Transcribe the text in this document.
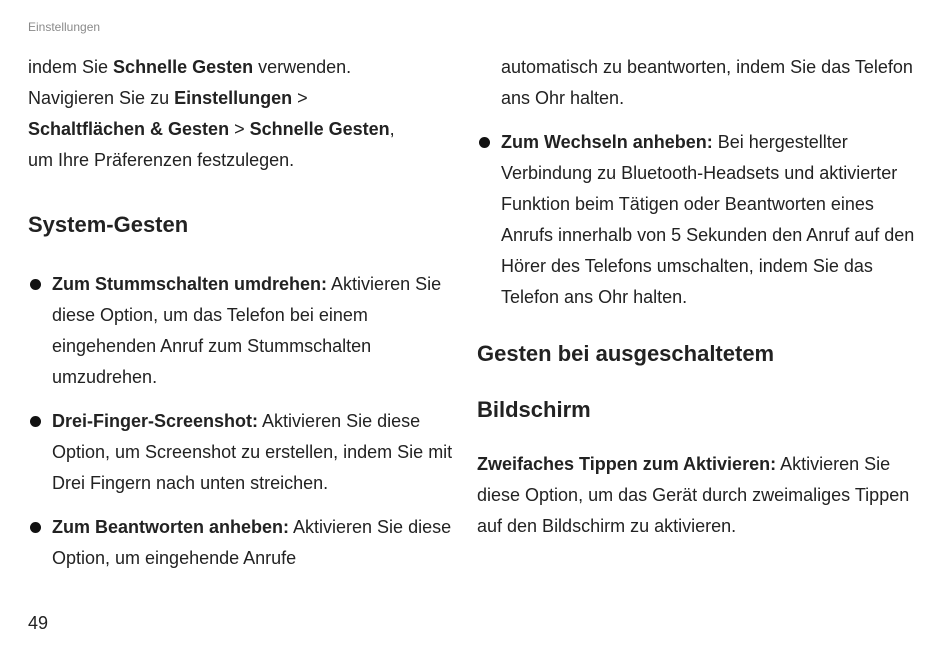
Einstellungen

indem Sie Schnelle Gesten verwenden.
Navigieren Sie zu Einstellungen >
Schaltflächen & Gesten > Schnelle Gesten,
um Ihre Präferenzen festzulegen.

System-Gesten
Zum Stummschalten umdrehen: Aktivieren Sie diese Option, um das Telefon bei einem eingehenden Anruf zum Stummschalten umzudrehen.
Drei-Finger-Screenshot: Aktivieren Sie diese Option, um Screenshot zu erstellen, indem Sie mit Drei Fingern nach unten streichen.
Zum Beantworten anheben: Aktivieren Sie diese Option, um eingehende Anrufe

automatisch zu beantworten, indem Sie das Telefon ans Ohr halten.

Zum Wechseln anheben: Bei hergestellter Verbindung zu Bluetooth-Headsets und aktivierter Funktion beim Tätigen oder Beantworten eines Anrufs innerhalb von 5 Sekunden den Anruf auf den Hörer des Telefons umschalten, indem Sie das Telefon ans Ohr halten.
Gesten bei ausgeschaltetem
Bildschirm

Zweifaches Tippen zum Aktivieren: Aktivieren Sie diese Option, um das Gerät durch zweimaliges Tippen auf den Bildschirm zu aktivieren.

49
